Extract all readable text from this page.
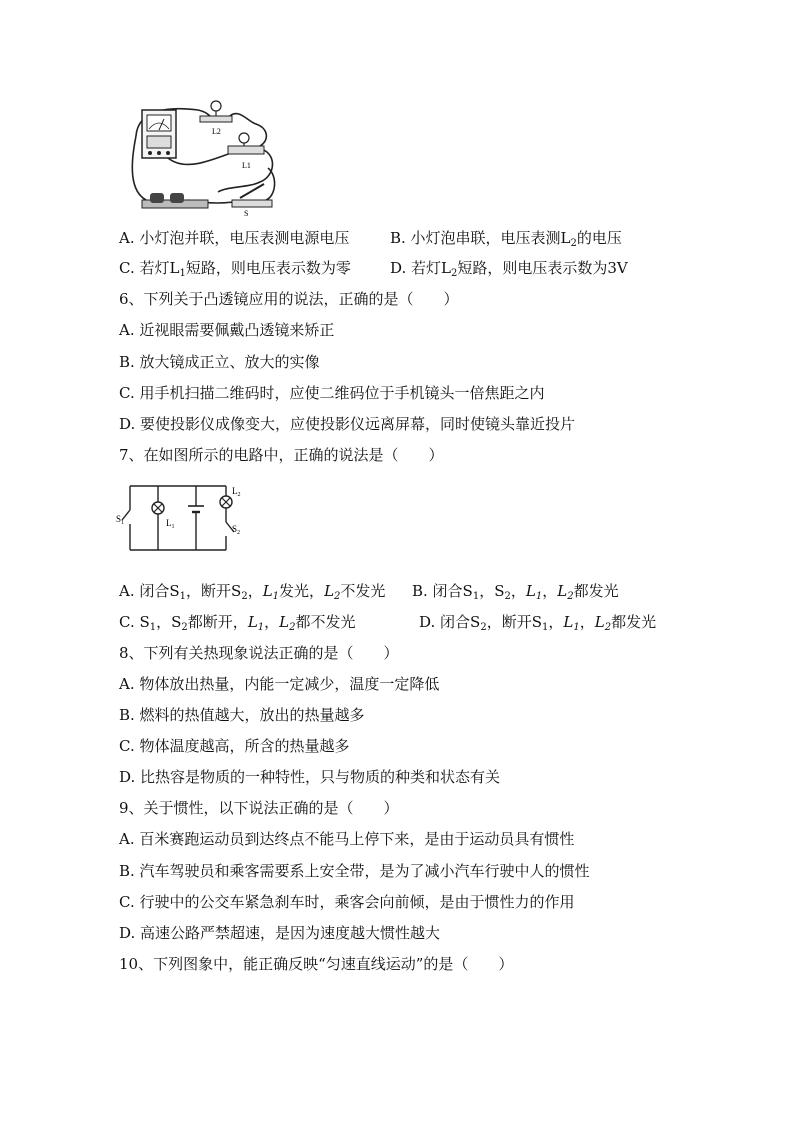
L2
L1
S
A. 小灯泡并联，电压表测电源电压	B. 小灯泡串联，电压表测$L_2$的电压
C. 若灯$L_1$短路，则电压表示数为零	D. 若灯$L_2$短路，则电压表示数为3V
6、下列关于凸透镜应用的说法，正确的是（　　）
A. 近视眼需要佩戴凸透镜来矫正
B. 放大镜成正立、放大的实像
C. 用手机扫描二维码时，应使二维码位于手机镜头一倍焦距之内
D. 要使投影仪成像变大，应使投影仪远离屏幕，同时使镜头靠近投片
7、在如图所示的电路中，正确的说法是（　　）
$S_1$	$L_1$
$L_2$
$S_2$
A. 闭合$S_1$，断开$S_2$，$L_1$发光，$L_2$不发光 B. 闭合$S_1$，$S_2$，$L_1$，$L_2$都发光
C. $S_1$，$S_2$都断开，$L_1$，$L_2$都不发光	D. 闭合$S_2$，断开$S_1$，$L_1$，$L_2$都发光
8、下列有关热现象说法正确的是（　　）
A. 物体放出热量，内能一定减少，温度一定降低
B. 燃料的热值越大，放出的热量越多
C. 物体温度越高，所含的热量越多
D. 比热容是物质的一种特性，只与物质的种类和状态有关
9、关于惯性，以下说法正确的是（　　）
A. 百米赛跑运动员到达终点不能马上停下来，是由于运动员具有惯性
B. 汽车驾驶员和乘客需要系上安全带，是为了减小汽车行驶中人的惯性
C. 行驶中的公交车紧急刹车时，乘客会向前倾，是由于惯性力的作用
D. 高速公路严禁超速，是因为速度越大惯性越大
10、下列图象中，能正确反映“匀速直线运动”的是（　　）
